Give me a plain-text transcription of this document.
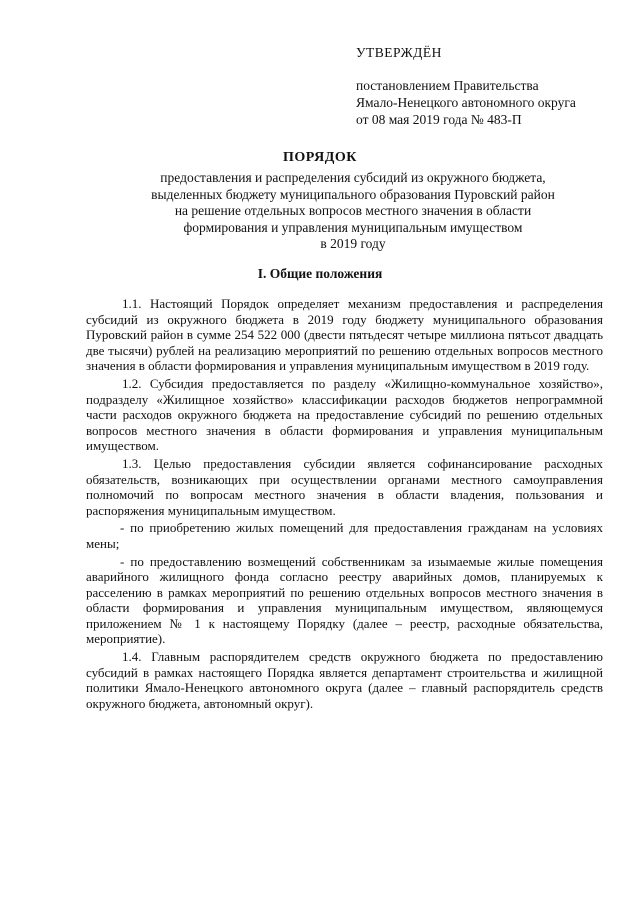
УТВЕРЖДЁН
постановлением Правительства
Ямало-Ненецкого автономного округа
от 08 мая 2019 года № 483-П
ПОРЯДОК
предоставления и распределения субсидий из окружного бюджета,
выделенных бюджету муниципального образования Пуровский район
на решение отдельных вопросов местного значения в области
формирования и управления муниципальным имуществом
в 2019 году
I. Общие положения

1.1. Настоящий Порядок определяет механизм предоставления и распределения субсидий из окружного бюджета в 2019 году бюджету муниципального образования Пуровский район в сумме 254 522 000 (двести пятьдесят четыре миллиона пятьсот двадцать две тысячи) рублей на реализацию мероприятий по решению отдельных вопросов местного значения в области формирования и управления муниципальным имуществом в 2019 году.

1.2. Субсидия предоставляется по разделу «Жилищно-коммунальное хозяйство», подразделу «Жилищное хозяйство» классификации расходов бюджетов непрограммной части расходов окружного бюджета на предоставление субсидий по решению отдельных вопросов местного значения в области формирования и управления муниципальным имуществом.

1.3. Целью предоставления субсидии является софинансирование расходных обязательств, возникающих при осуществлении органами местного самоуправления полномочий по вопросам местного значения в области владения, пользования и распоряжения муниципальным имуществом.

- по приобретению жилых помещений для предоставления гражданам на условиях мены;

- по предоставлению возмещений собственникам за изымаемые жилые помещения аварийного жилищного фонда согласно реестру аварийных домов, планируемых к расселению в рамках мероприятий по решению отдельных вопросов местного значения в области формирования и управления муниципальным имуществом, являющемуся приложением № 1 к настоящему Порядку (далее – реестр, расходные обязательства, мероприятие).

1.4. Главным распорядителем средств окружного бюджета по предоставлению субсидий в рамках настоящего Порядка является департамент строительства и жилищной политики Ямало-Ненецкого автономного округа (далее – главный распорядитель средств окружного бюджета, автономный округ).
